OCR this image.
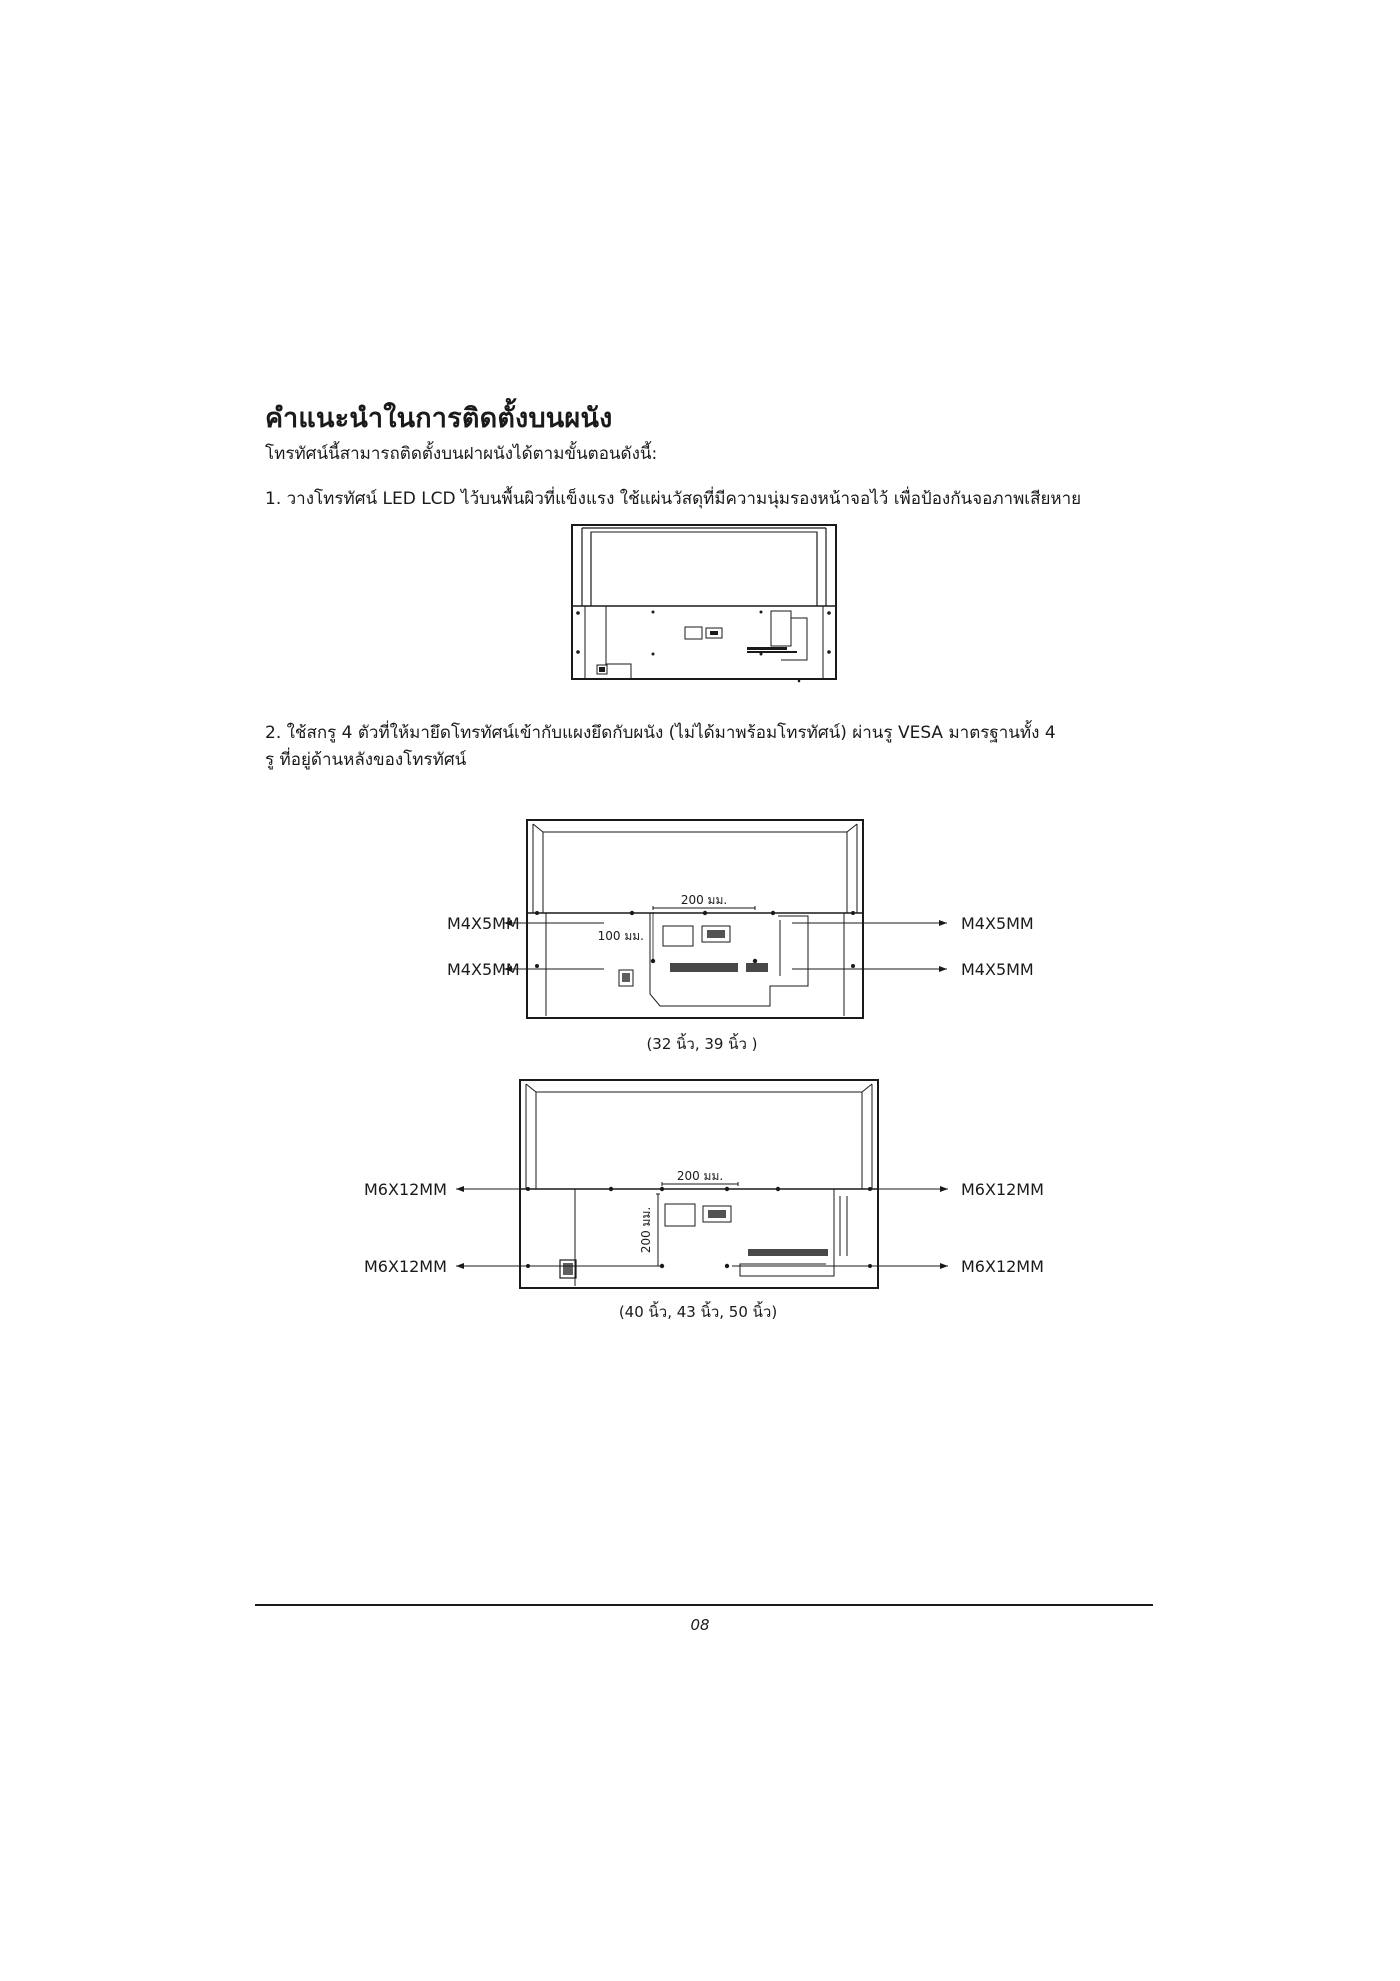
คำแนะนำในการติดตั้งบนผนัง
โทรทัศน์นี้สามารถติดตั้งบนฝาผนังได้ตามขั้นตอนดังนี้:
1. วางโทรทัศน์ LED LCD ไว้บนพื้นผิวที่แข็งแรง ใช้แผ่นวัสดุที่มีความนุ่มรองหน้าจอไว้ เพื่อป้องกันจอภาพเสียหาย
2. ใช้สกรู 4 ตัวที่ให้มายึดโทรทัศน์เข้ากับแผงยึดกับผนัง (ไม่ได้มาพร้อมโทรทัศน์) ผ่านรู VESA มาตรฐานทั้ง 4 รู ที่อยู่ด้านหลังของโทรทัศน์
200 มม.
100 มม.
M4X5MM
M4X5MM
M4X5MM
M4X5MM
(32 นิ้ว, 39 นิ้ว )
200 มม.
200 มม.
M6X12MM
M6X12MM
M6X12MM
M6X12MM
(40 นิ้ว, 43 นิ้ว, 50 นิ้ว)
08
